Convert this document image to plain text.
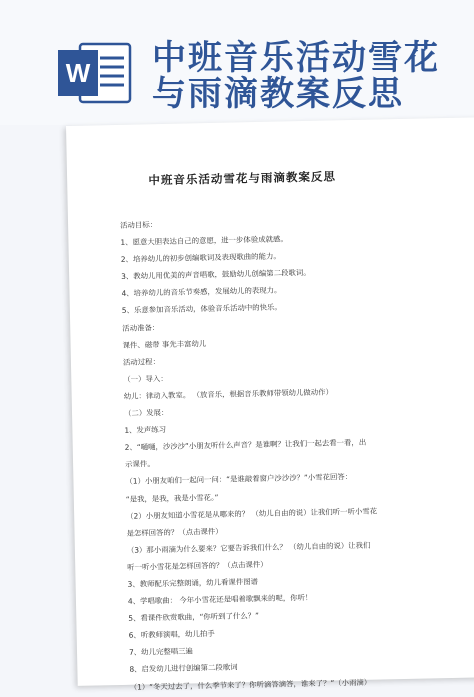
W 中班音乐活动雪花
与雨滴教案反思
中班音乐活动雪花与雨滴教案反思
活动目标：
1、愿意大胆表达自己的意愿，进一步体验成就感。
2、培养幼儿的初步创编歌词及表现歌曲的能力。
3、教幼儿用优美的声音唱歌，鼓励幼儿创编第二段歌词。
4、培养幼儿的音乐节奏感，发展幼儿的表现力。
5、乐意参加音乐活动，体验音乐活动中的快乐。
活动准备：
课件、磁带 事先丰富幼儿
活动过程：
（一）导入：
幼儿：律动入教室。 （放音乐，根据音乐教师带领幼儿做动作）
（二）发展：
1、发声练习
2、“嗵嗵，沙沙沙”小朋友听什么声音？是谁啊？让我们一起去看一看，出
示课件。
（1）小朋友咱们一起问一问：“是谁敲着窗户沙沙沙？”小雪花回答：
“是我，是我，我是小雪花。”
（2）小朋友知道小雪花是从哪来的？ （幼儿自由的说）让我们听一听小雪花
是怎样回答的？（点击课件）
（3）那小雨滴为什么要来？它要告诉我们什么？ （幼儿自由的说）让我们
听一听小雪花是怎样回答的？（点击课件）
3、教师配乐完整朗诵，幼儿看课件图谱
4、学唱歌曲： 今年小雪花还是唱着歌飘来的呢，你听！
5、看课件欣赏歌曲，“你听到了什么？”
6、听教师演唱，幼儿拍手
7、幼儿完整唱三遍
8、启发幼儿进行创编第二段歌词
（1）“冬天过去了，什么季节来了？你听滴答滴答，谁来了？”（小雨滴）
